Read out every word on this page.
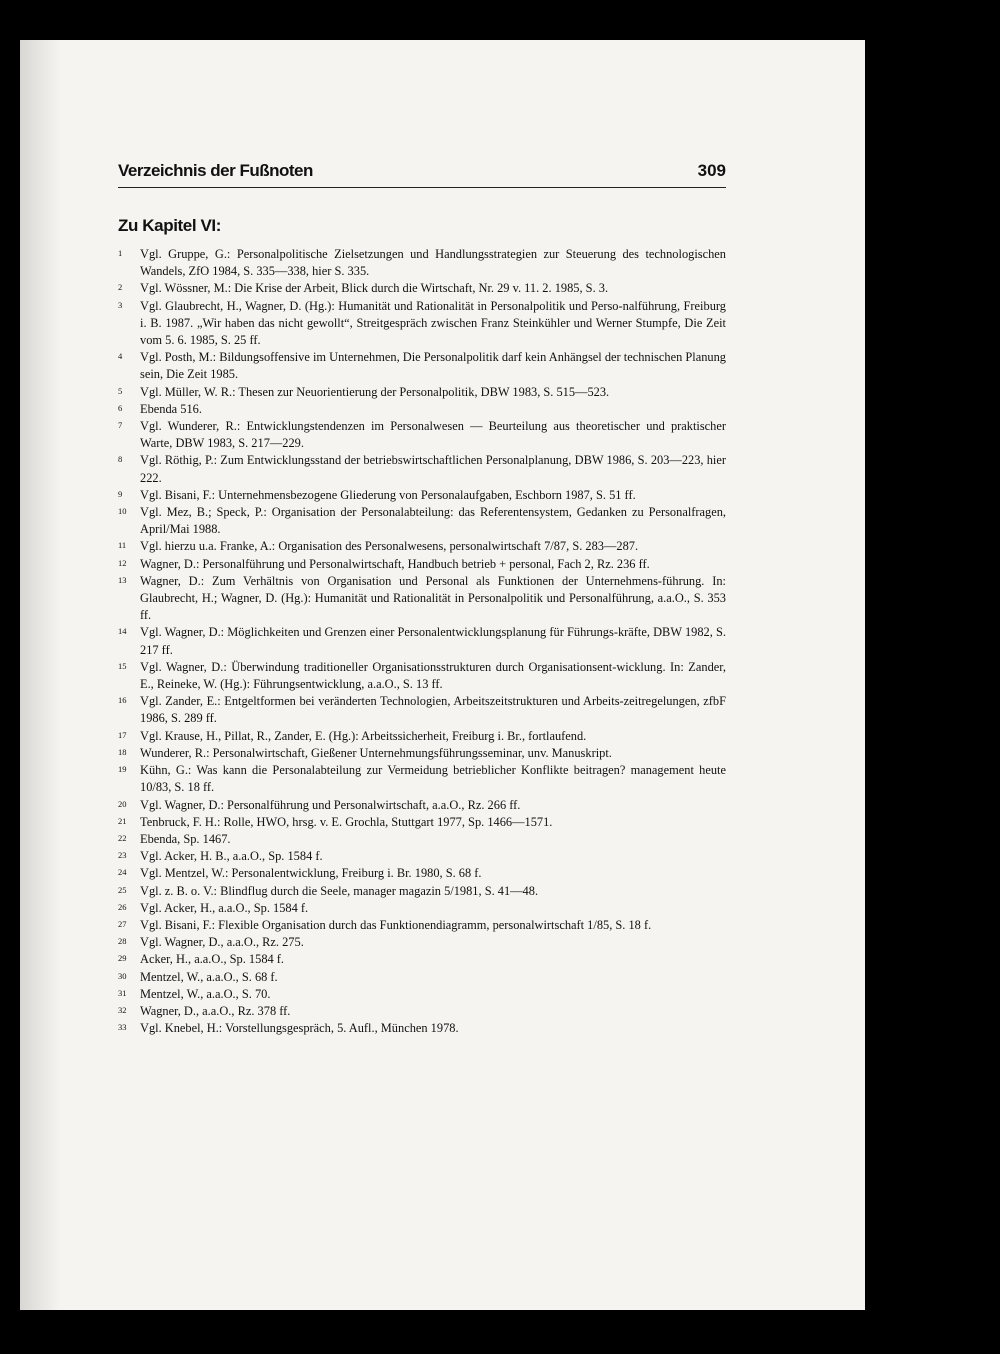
Verzeichnis der Fußnoten	309
Zu Kapitel VI:
1	Vgl. Gruppe, G.: Personalpolitische Zielsetzungen und Handlungsstrategien zur Steuerung des technologischen Wandels, ZfO 1984, S. 335—338, hier S. 335.
2	Vgl. Wössner, M.: Die Krise der Arbeit, Blick durch die Wirtschaft, Nr. 29 v. 11. 2. 1985, S. 3.
3	Vgl. Glaubrecht, H., Wagner, D. (Hg.): Humanität und Rationalität in Personalpolitik und Perso-nalführung, Freiburg i. B. 1987. „Wir haben das nicht gewollt“, Streitgespräch zwischen Franz Steinkühler und Werner Stumpfe, Die Zeit vom 5. 6. 1985, S. 25 ff.
4	Vgl. Posth, M.: Bildungsoffensive im Unternehmen, Die Personalpolitik darf kein Anhängsel der technischen Planung sein, Die Zeit 1985.
5	Vgl. Müller, W. R.: Thesen zur Neuorientierung der Personalpolitik, DBW 1983, S. 515—523.
6	Ebenda 516.
7	Vgl. Wunderer, R.: Entwicklungstendenzen im Personalwesen — Beurteilung aus theoretischer und praktischer Warte, DBW 1983, S. 217—229.
8	Vgl. Röthig, P.: Zum Entwicklungsstand der betriebswirtschaftlichen Personalplanung, DBW 1986, S. 203—223, hier 222.
9	Vgl. Bisani, F.: Unternehmensbezogene Gliederung von Personalaufgaben, Eschborn 1987, S. 51 ff.
10	Vgl. Mez, B.; Speck, P.: Organisation der Personalabteilung: das Referentensystem, Gedanken zu Personalfragen, April/Mai 1988.
11	Vgl. hierzu u.a. Franke, A.: Organisation des Personalwesens, personalwirtschaft 7/87, S. 283—287.
12	Wagner, D.: Personalführung und Personalwirtschaft, Handbuch betrieb + personal, Fach 2, Rz. 236 ff.
13	Wagner, D.: Zum Verhältnis von Organisation und Personal als Funktionen der Unternehmens-führung. In: Glaubrecht, H.; Wagner, D. (Hg.): Humanität und Rationalität in Personalpolitik und Personalführung, a.a.O., S. 353 ff.
14	Vgl. Wagner, D.: Möglichkeiten und Grenzen einer Personalentwicklungsplanung für Führungs-kräfte, DBW 1982, S. 217 ff.
15	Vgl. Wagner, D.: Überwindung traditioneller Organisationsstrukturen durch Organisationsent-wicklung. In: Zander, E., Reineke, W. (Hg.): Führungsentwicklung, a.a.O., S. 13 ff.
16	Vgl. Zander, E.: Entgeltformen bei veränderten Technologien, Arbeitszeitstrukturen und Arbeits-zeitregelungen, zfbF 1986, S. 289 ff.
17	Vgl. Krause, H., Pillat, R., Zander, E. (Hg.): Arbeitssicherheit, Freiburg i. Br., fortlaufend.
18	Wunderer, R.: Personalwirtschaft, Gießener Unternehmungsführungsseminar, unv. Manuskript.
19	Kühn, G.: Was kann die Personalabteilung zur Vermeidung betrieblicher Konflikte beitragen? management heute 10/83, S. 18 ff.
20	Vgl. Wagner, D.: Personalführung und Personalwirtschaft, a.a.O., Rz. 266 ff.
21	Tenbruck, F. H.: Rolle, HWO, hrsg. v. E. Grochla, Stuttgart 1977, Sp. 1466—1571.
22	Ebenda, Sp. 1467.
23	Vgl. Acker, H. B., a.a.O., Sp. 1584 f.
24	Vgl. Mentzel, W.: Personalentwicklung, Freiburg i. Br. 1980, S. 68 f.
25	Vgl. z. B. o. V.: Blindflug durch die Seele, manager magazin 5/1981, S. 41—48.
26	Vgl. Acker, H., a.a.O., Sp. 1584 f.
27	Vgl. Bisani, F.: Flexible Organisation durch das Funktionendiagramm, personalwirtschaft 1/85, S. 18 f.
28	Vgl. Wagner, D., a.a.O., Rz. 275.
29	Acker, H., a.a.O., Sp. 1584 f.
30	Mentzel, W., a.a.O., S. 68 f.
31	Mentzel, W., a.a.O., S. 70.
32	Wagner, D., a.a.O., Rz. 378 ff.
33	Vgl. Knebel, H.: Vorstellungsgespräch, 5. Aufl., München 1978.
